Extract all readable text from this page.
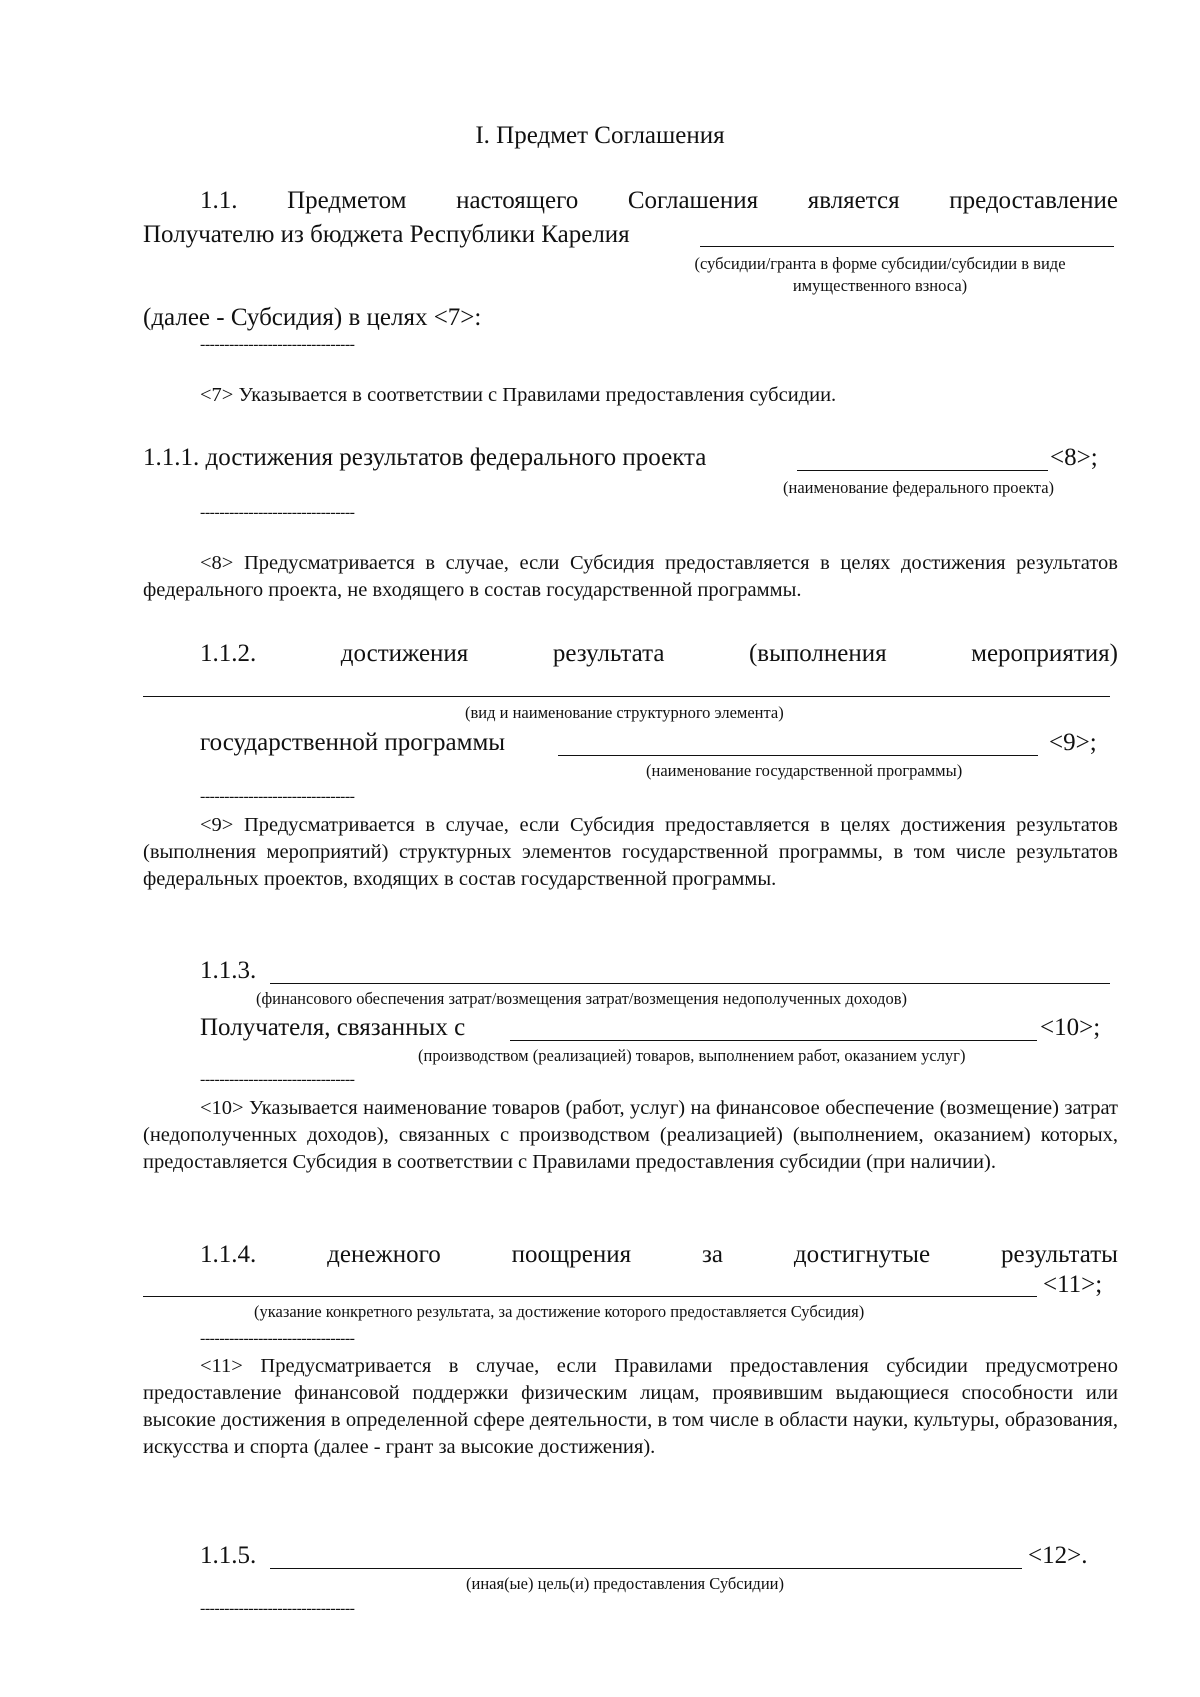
I. Предмет Соглашения
1.1. Предметом настоящего Соглашения является предоставление
Получателю из бюджета Республики Карелия
(субсидии/гранта в форме субсидии/субсидии в виде
имущественного взноса)
(далее - Субсидия) в целях <7>:
--------------------------------
<7> Указывается в соответствии с Правилами предоставления субсидии.
1.1.1. достижения результатов федерального проекта	<8>;
(наименование федерального проекта)
--------------------------------
<8> Предусматривается в случае, если Субсидия предоставляется в целях достижения результатов федерального проекта, не входящего в состав государственной программы.
1.1.2.	достижения	результата	(выполнения	мероприятия)
(вид и наименование структурного элемента)
государственной программы	<9>;
(наименование государственной программы)
--------------------------------
<9> Предусматривается в случае, если Субсидия предоставляется в целях достижения результатов (выполнения мероприятий) структурных элементов государственной программы, в том числе результатов федеральных проектов, входящих в состав государственной программы.
1.1.3.
(финансового обеспечения затрат/возмещения затрат/возмещения недополученных доходов)
Получателя, связанных с	<10>;
(производством (реализацией) товаров, выполнением работ, оказанием услуг)
--------------------------------
<10> Указывается наименование товаров (работ, услуг) на финансовое обеспечение (возмещение) затрат (недополученных доходов), связанных с производством (реализацией) (выполнением, оказанием) которых, предоставляется Субсидия в соответствии с Правилами предоставления субсидии (при наличии).
1.1.4.	денежного	поощрения	за	достигнутые	результаты
<11>;
(указание конкретного результата, за достижение которого предоставляется Субсидия)
--------------------------------
<11> Предусматривается в случае, если Правилами предоставления субсидии предусмотрено предоставление финансовой поддержки физическим лицам, проявившим выдающиеся способности или высокие достижения в определенной сфере деятельности, в том числе в области науки, культуры, образования, искусства и спорта (далее - грант за высокие достижения).
1.1.5.	<12>.
(иная(ые) цель(и) предоставления Субсидии)
--------------------------------
